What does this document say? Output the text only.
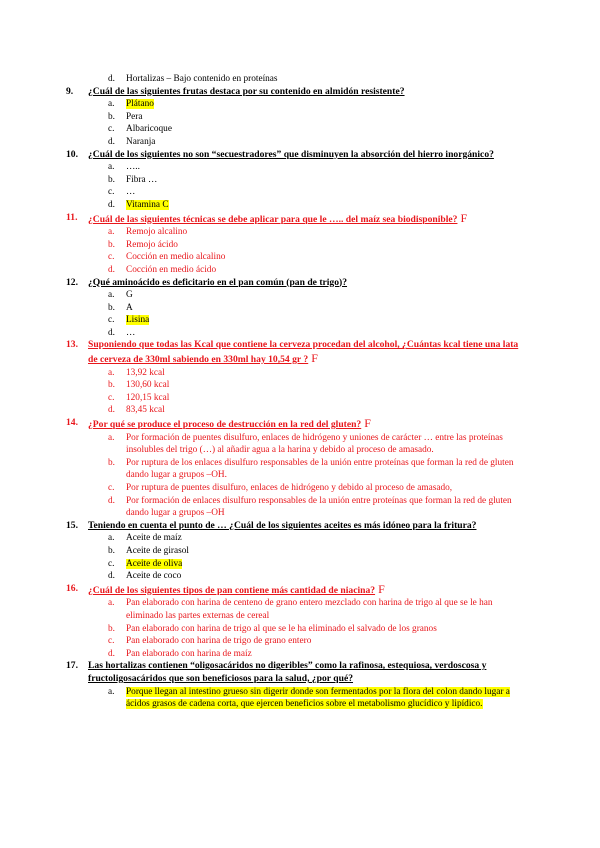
d. Hortalizas – Bajo contenido en proteínas
9. ¿Cuál de las siguientes frutas destaca por su contenido en almidón resistente?
a. Plátano
b. Pera
c. Albaricoque
d. Naranja
10. ¿Cuál de los siguientes no son “secuestradores” que disminuyen la absorción del hierro inorgánico?
a. …..
b. Fibra …
c. …
d. Vitamina C
11. ¿Cuál de las siguientes técnicas se debe aplicar para que le ….. del maíz sea biodisponible? F
a. Remojo alcalino
b. Remojo ácido
c. Cocción en medio alcalino
d. Cocción en medio ácido
12. ¿Qué aminoácido es deficitario en el pan común (pan de trigo)?
a. G
b. A
c. Lisina
d. …
13. Suponiendo que todas las Kcal que contiene la cerveza procedan del alcohol, ¿Cuántas kcal tiene una lata de cerveza de 330ml sabiendo en 330ml hay 10,54 gr ? F
a. 13,92 kcal
b. 130,60 kcal
c. 120,15 kcal
d. 83,45 kcal
14. ¿Por qué se produce el proceso de destrucción en la red del gluten? F
a. Por formación de puentes disulfuro, enlaces de hidrógeno y uniones de carácter … entre las proteínas insolubles del trigo (…) al añadir agua a la harina y debido al proceso de amasado.
b. Por ruptura de los enlaces disulfuro responsables de la unión entre proteínas que forman la red de gluten dando lugar a grupos –OH.
c. Por ruptura de puentes disulfuro, enlaces de hidrógeno y debido al proceso de amasado,
d. Por formación de enlaces disulfuro responsables de la unión entre proteínas que forman la red de gluten dando lugar a grupos –OH
15. Teniendo en cuenta el punto de … ¿Cuál de los siguientes aceites es más idóneo para la fritura?
a. Aceite de maíz
b. Aceite de girasol
c. Aceite de oliva
d. Aceite de coco
16. ¿Cuál de los siguientes tipos de pan contiene más cantidad de niacina? F
a. Pan elaborado con harina de centeno de grano entero mezclado con harina de trigo al que se le han eliminado las partes externas de cereal
b. Pan elaborado con harina de trigo al que se le ha eliminado el salvado de los granos
c. Pan elaborado con harina de trigo de grano entero
d. Pan elaborado con harina de maíz
17. Las hortalizas contienen “oligosacáridos no digeribles” como la rafinosa, estequiosa, verdoscosa y fructoligosacáridos que son beneficiosos para la salud, ¿por qué?
a. Porque llegan al intestino grueso sin digerir donde son fermentados por la flora del colon dando lugar a ácidos grasos de cadena corta, que ejercen beneficios sobre el metabolismo glucídico y lipídico.
